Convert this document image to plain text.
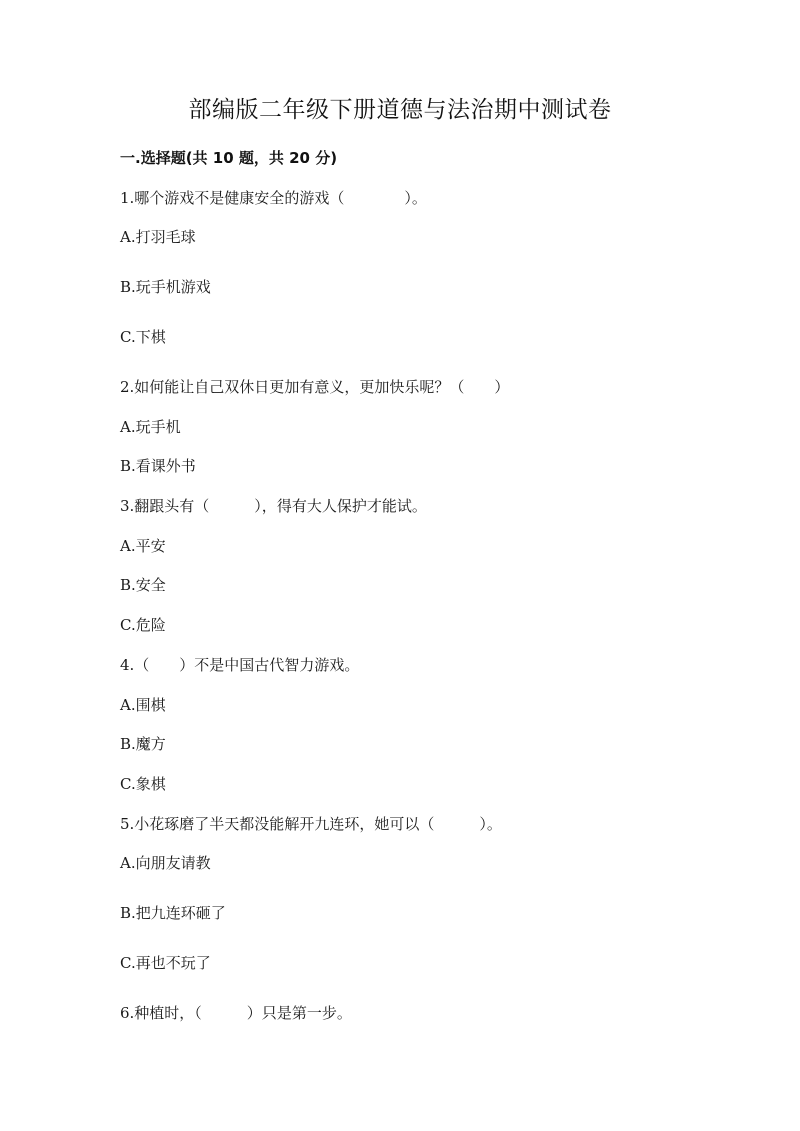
部编版二年级下册道德与法治期中测试卷
一.选择题(共 10 题，共 20 分)
1.哪个游戏不是健康安全的游戏（　　　　）。
A.打羽毛球
B.玩手机游戏
C.下棋
2.如何能让自己双休日更加有意义，更加快乐呢？（　　）
A.玩手机
B.看课外书
3.翻跟头有（　　　），得有大人保护才能试。
A.平安
B.安全
C.危险
4.（　　）不是中国古代智力游戏。
A.围棋
B.魔方
C.象棋
5.小花琢磨了半天都没能解开九连环，她可以（　　　）。
A.向朋友请教
B.把九连环砸了
C.再也不玩了
6.种植时，（　　　）只是第一步。
